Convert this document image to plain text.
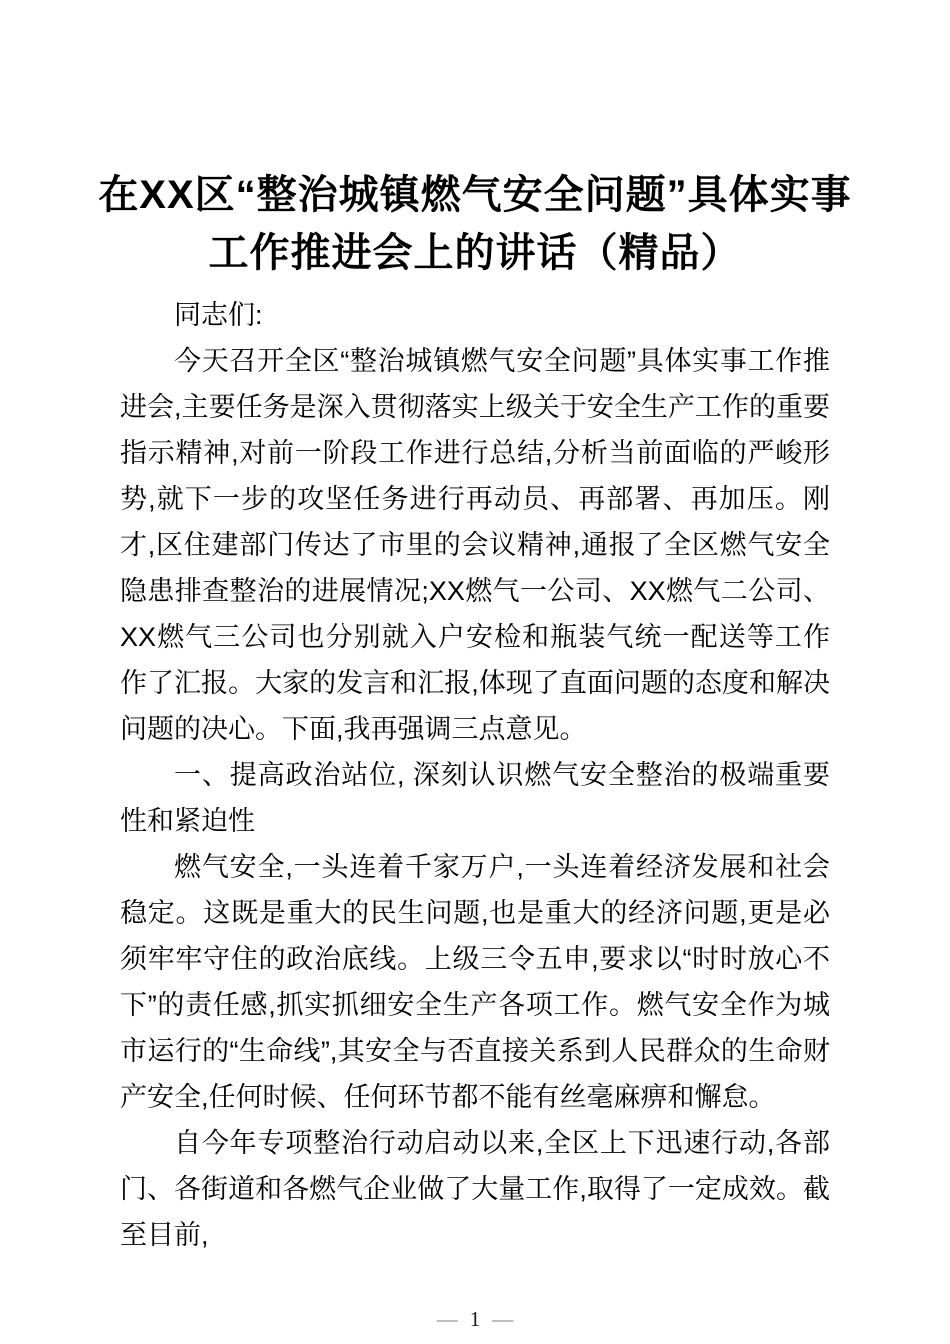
在XX区“整治城镇燃气安全问题”具体实事工作推进会上的讲话（精品）

同志们:

今天召开全区“整治城镇燃气安全问题”具体实事工作推进会,主要任务是深入贯彻落实上级关于安全生产工作的重要指示精神,对前一阶段工作进行总结,分析当前面临的严峻形势,就下一步的攻坚任务进行再动员、再部署、再加压。刚才,区住建部门传达了市里的会议精神,通报了全区燃气安全隐患排查整治的进展情况;XX燃气一公司、XX燃气二公司、XX燃气三公司也分别就入户安检和瓶装气统一配送等工作作了汇报。大家的发言和汇报,体现了直面问题的态度和解决问题的决心。下面,我再强调三点意见。

一、提高政治站位, 深刻认识燃气安全整治的极端重要性和紧迫性

燃气安全,一头连着千家万户,一头连着经济发展和社会稳定。这既是重大的民生问题,也是重大的经济问题,更是必须牢牢守住的政治底线。上级三令五申,要求以“时时放心不下”的责任感,抓实抓细安全生产各项工作。燃气安全作为城市运行的“生命线”,其安全与否直接关系到人民群众的生命财产安全,任何时候、任何环节都不能有丝毫麻痹和懈怠。

自今年专项整治行动启动以来,全区上下迅速行动,各部门、各街道和各燃气企业做了大量工作,取得了一定成效。截至目前,

— 1 —
